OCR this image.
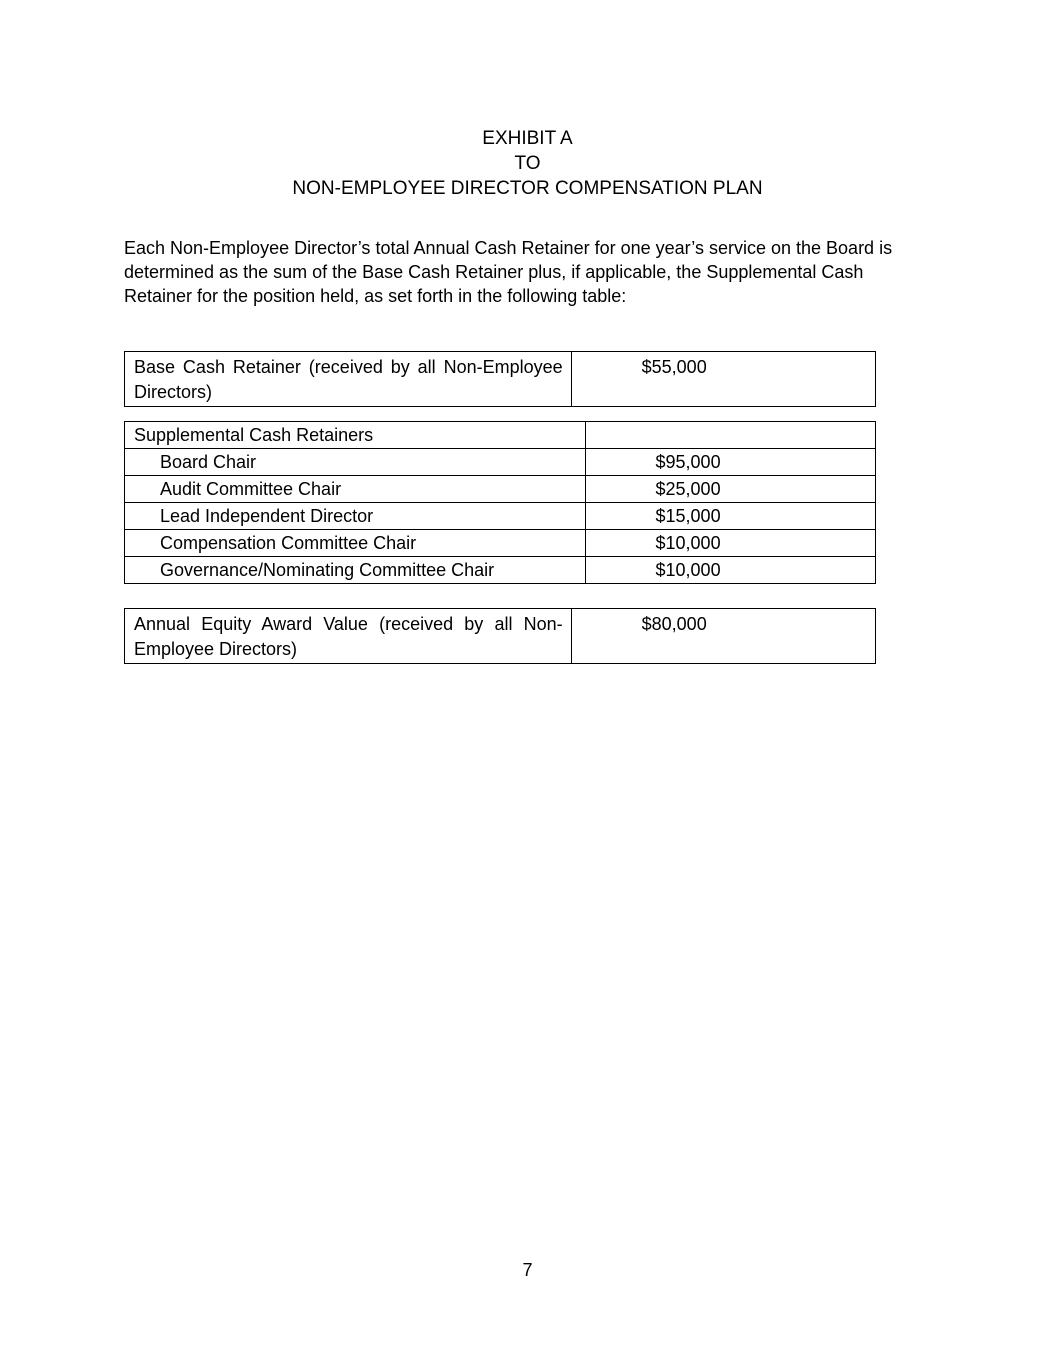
EXHIBIT A
TO
NON-EMPLOYEE DIRECTOR COMPENSATION PLAN
Each Non-Employee Director’s total Annual Cash Retainer for one year’s service on the Board is
determined as the sum of the Base Cash Retainer plus, if applicable, the Supplemental Cash
Retainer for the position held, as set forth in the following table:
Base Cash Retainer (received by all Non-Employee Directors)	$55,000
Supplemental Cash Retainers	
Board Chair	$95,000
Audit Committee Chair	$25,000
Lead Independent Director	$15,000
Compensation Committee Chair	$10,000
Governance/Nominating Committee Chair	$10,000
Annual Equity Award Value (received by all Non-Employee Directors)	$80,000
7
